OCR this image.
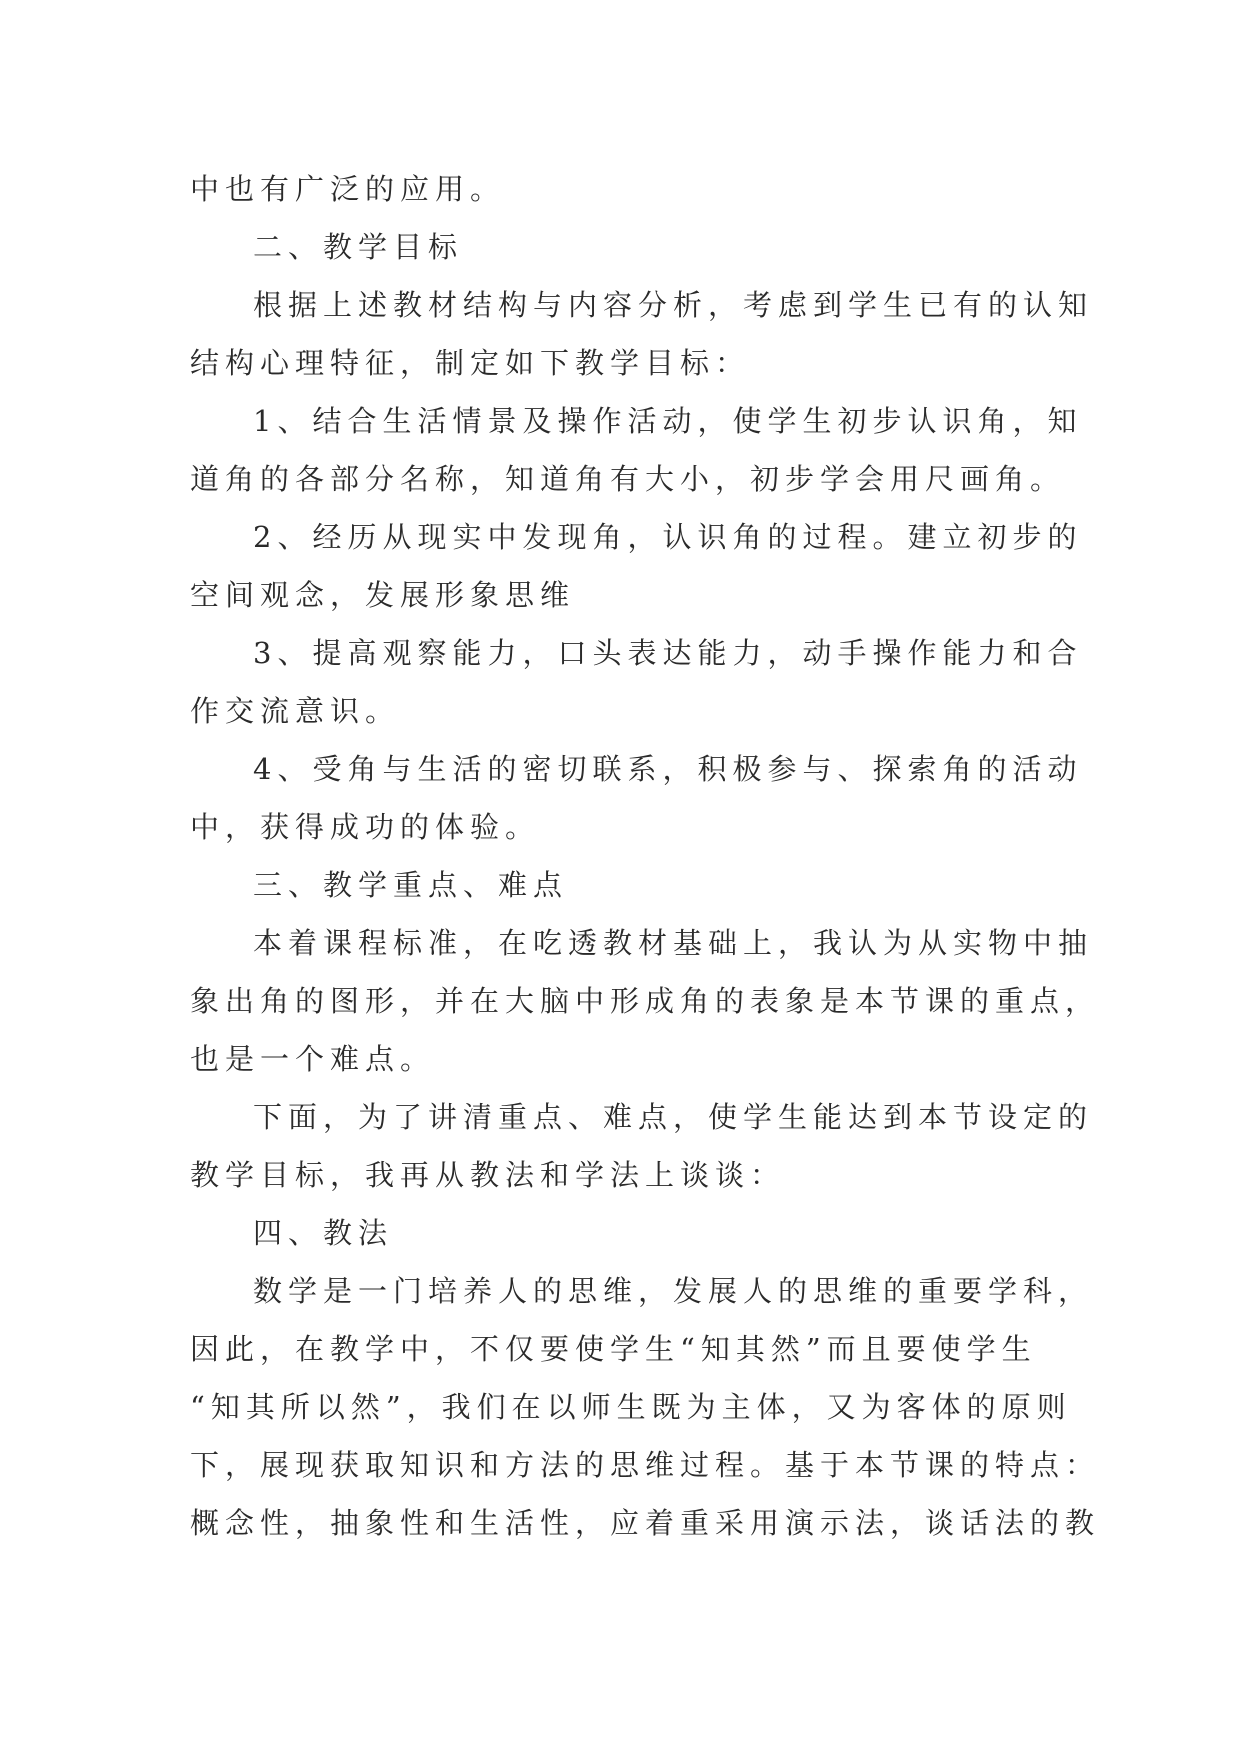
中也有广泛的应用。
二、教学目标
根据上述教材结构与内容分析，考虑到学生已有的认知
结构心理特征，制定如下教学目标：
1、结合生活情景及操作活动，使学生初步认识角，知
道角的各部分名称，知道角有大小，初步学会用尺画角。
2、经历从现实中发现角，认识角的过程。建立初步的
空间观念，发展形象思维
3、提高观察能力，口头表达能力，动手操作能力和合
作交流意识。
4、受角与生活的密切联系，积极参与、探索角的活动
中，获得成功的体验。
三、教学重点、难点
本着课程标准，在吃透教材基础上，我认为从实物中抽
象出角的图形，并在大脑中形成角的表象是本节课的重点，
也是一个难点。
下面，为了讲清重点、难点，使学生能达到本节设定的
教学目标，我再从教法和学法上谈谈：
四、教法
数学是一门培养人的思维，发展人的思维的重要学科，
因此，在教学中，不仅要使学生“知其然”而且要使学生
“知其所以然”，我们在以师生既为主体，又为客体的原则
下，展现获取知识和方法的思维过程。基于本节课的特点：
概念性，抽象性和生活性，应着重采用演示法，谈话法的教
